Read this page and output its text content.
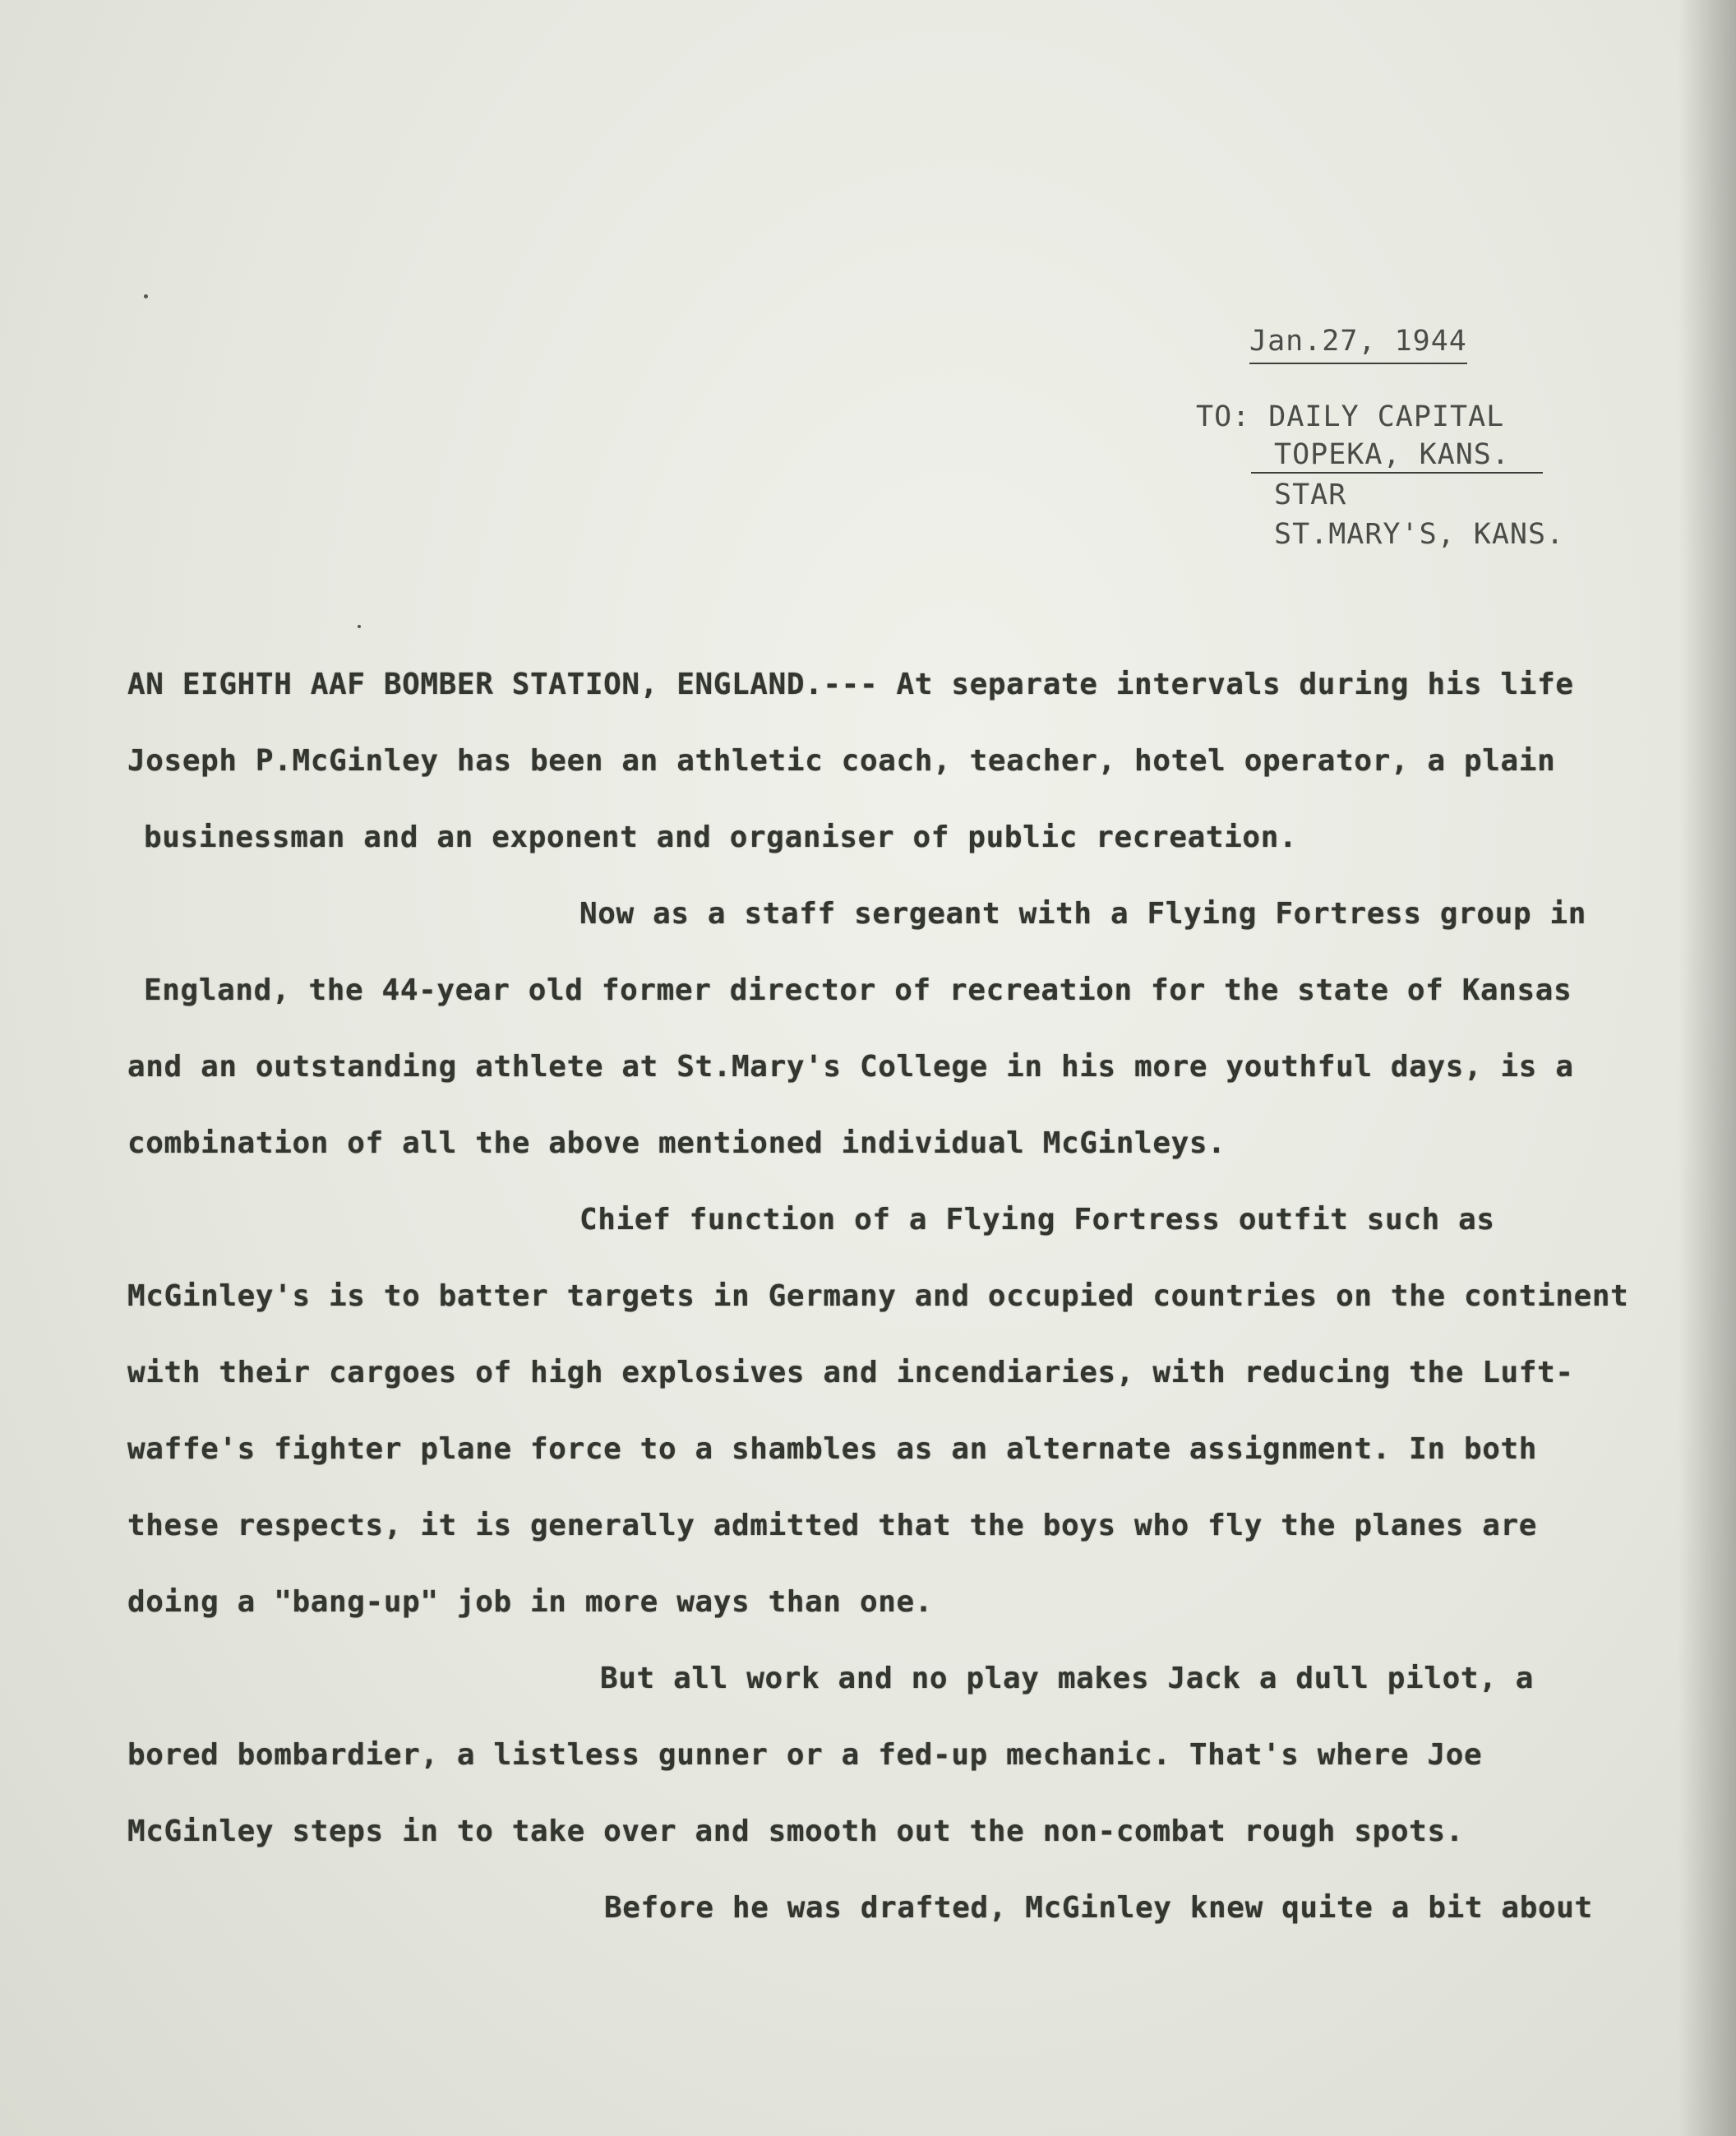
Jan.27, 1944
TO: DAILY CAPITAL
TOPEKA, KANS.
STAR
ST.MARY'S, KANS.
AN EIGHTH AAF BOMBER STATION, ENGLAND.--- At separate intervals during his life
Joseph P.McGinley has been an athletic coach, teacher, hotel operator, a plain
businessman and an exponent and organiser of public recreation.
Now as a staff sergeant with a Flying Fortress group in
England, the 44-year old former director of recreation for the state of Kansas
and an outstanding athlete at St.Mary's College in his more youthful days, is a
combination of all the above mentioned individual McGinleys.
Chief function of a Flying Fortress outfit such as
McGinley's is to batter targets in Germany and occupied countries on the continent
with their cargoes of high explosives and incendiaries, with reducing the Luft-
waffe's fighter plane force to a shambles as an alternate assignment. In both
these respects, it is generally admitted that the boys who fly the planes are
doing a "bang-up" job in more ways than one.
But all work and no play makes Jack a dull pilot, a
bored bombardier, a listless gunner or a fed-up mechanic. That's where Joe
McGinley steps in to take over and smooth out the non-combat rough spots.
Before he was drafted, McGinley knew quite a bit about
